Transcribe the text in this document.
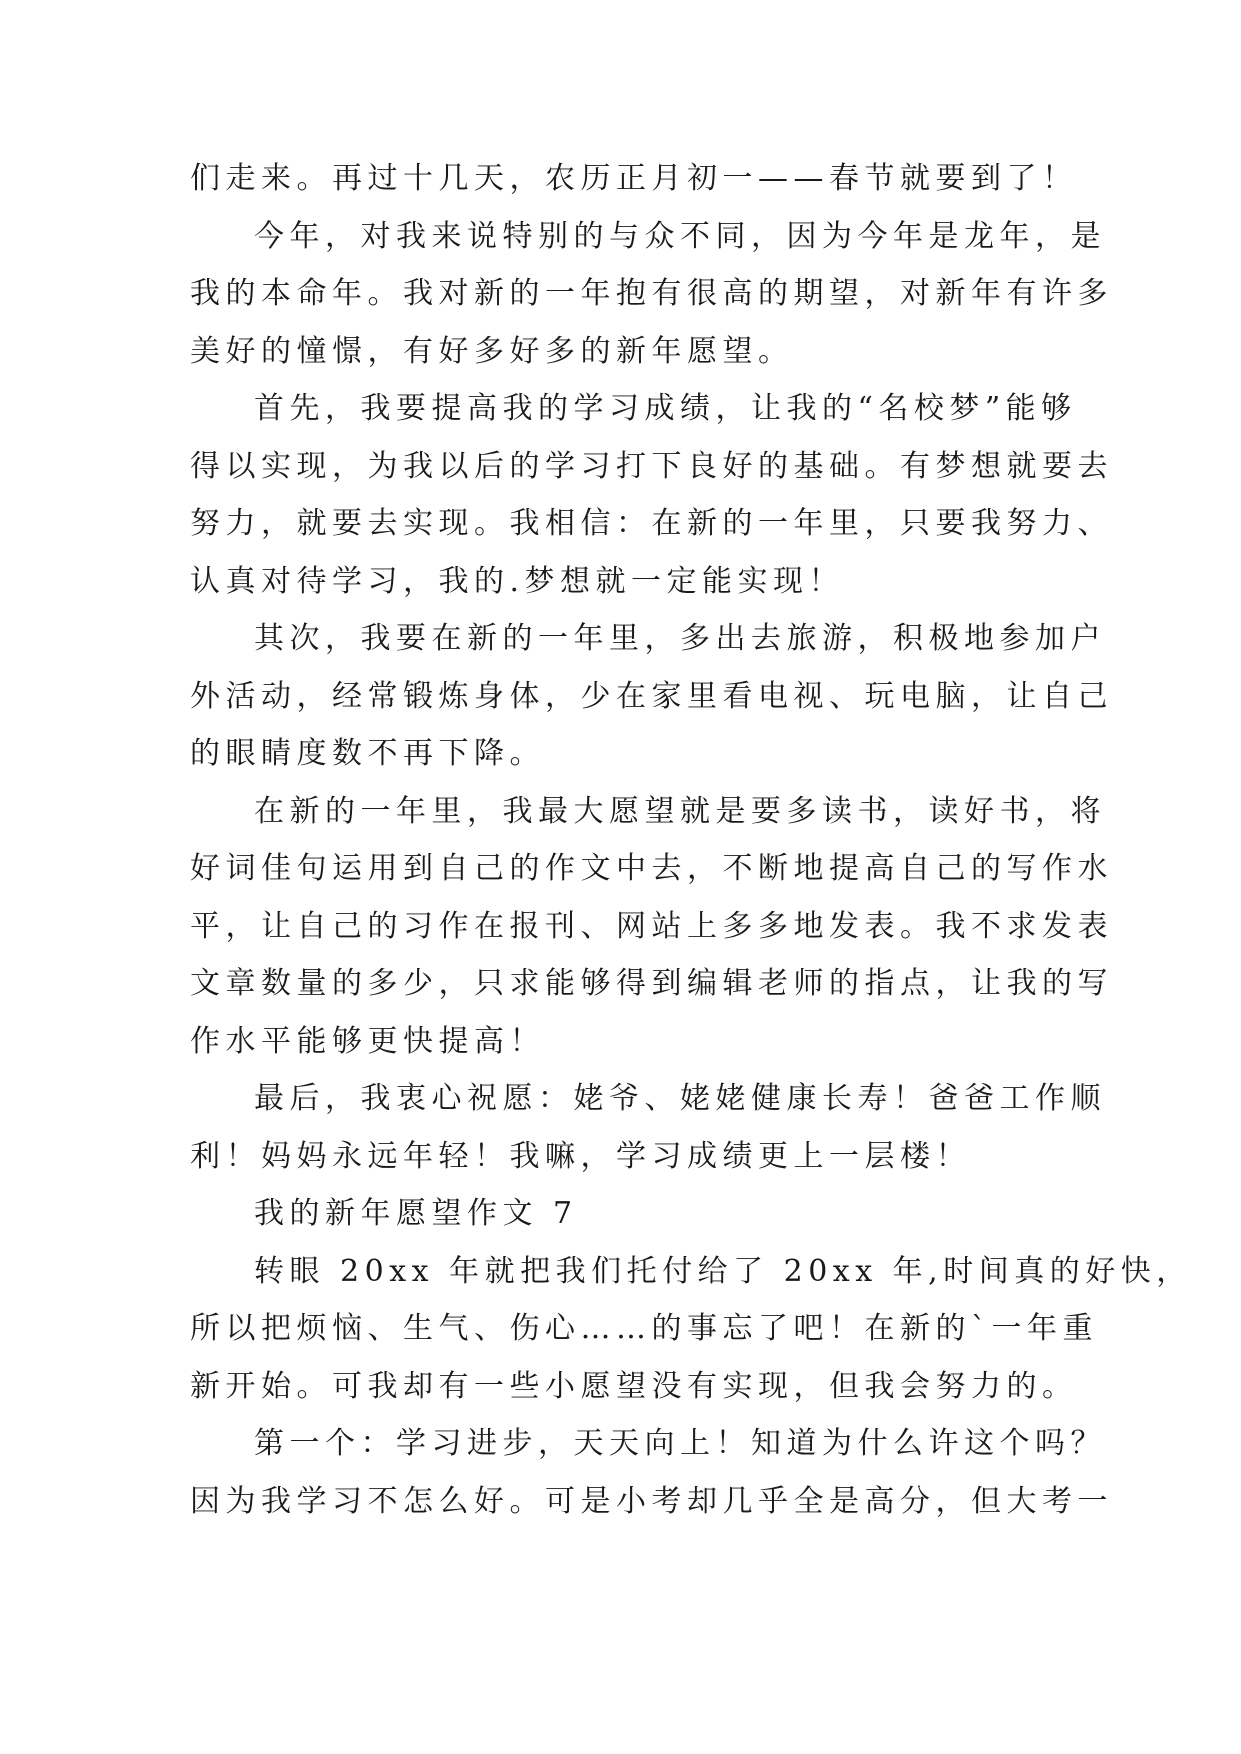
们走来。再过十几天，农历正月初一——春节就要到了！
今年，对我来说特别的与众不同，因为今年是龙年，是
我的本命年。我对新的一年抱有很高的期望，对新年有许多
美好的憧憬，有好多好多的新年愿望。
首先，我要提高我的学习成绩，让我的“名校梦”能够
得以实现，为我以后的学习打下良好的基础。有梦想就要去
努力，就要去实现。我相信：在新的一年里，只要我努力、
认真对待学习，我的.梦想就一定能实现！
其次，我要在新的一年里，多出去旅游，积极地参加户
外活动，经常锻炼身体，少在家里看电视、玩电脑，让自己
的眼睛度数不再下降。
在新的一年里，我最大愿望就是要多读书，读好书，将
好词佳句运用到自己的作文中去，不断地提高自己的写作水
平，让自己的习作在报刊、网站上多多地发表。我不求发表
文章数量的多少，只求能够得到编辑老师的指点，让我的写
作水平能够更快提高！
最后，我衷心祝愿：姥爷、姥姥健康长寿！爸爸工作顺
利！妈妈永远年轻！我嘛，学习成绩更上一层楼！
我的新年愿望作文 7
转眼 20xx 年就把我们托付给了 20xx 年,时间真的好快，
所以把烦恼、生气、伤心……的事忘了吧！在新的`一年重
新开始。可我却有一些小愿望没有实现，但我会努力的。
第一个：学习进步，天天向上！知道为什么许这个吗？
因为我学习不怎么好。可是小考却几乎全是高分，但大考一
